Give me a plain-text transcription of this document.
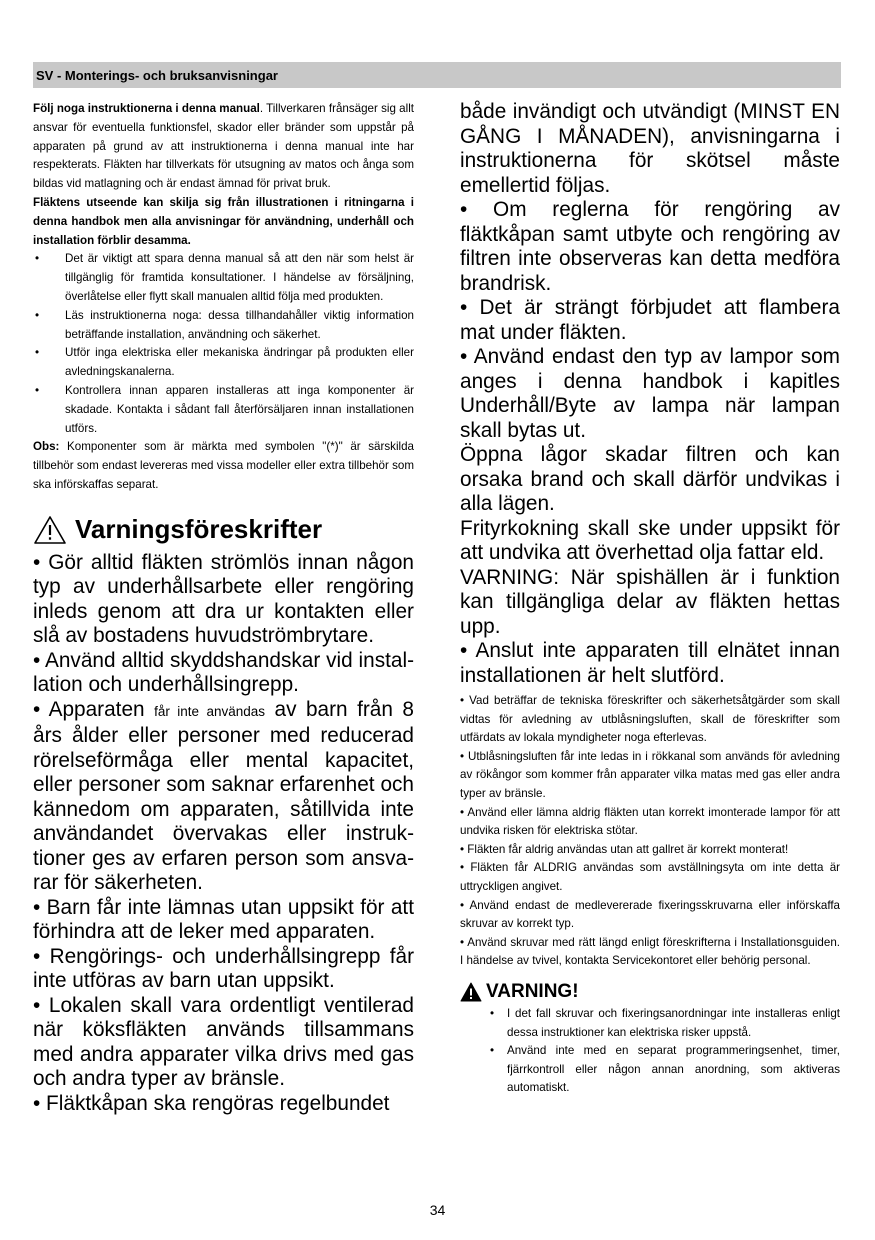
SV - Monterings- och bruksanvisningar

Följ noga instruktionerna i denna manual. Tillverkaren frånsäger sig allt ansvar för eventuella funktionsfel, skador eller bränder som uppstår på apparaten på grund av att instruktionerna i denna manual inte har respekterats. Fläkten har tillverkats för utsugning av matos och ånga som bildas vid matlagning och är endast ämnad för privat bruk.

Fläktens utseende kan skilja sig från illustrationen i ritningarna i denna handbok men alla anvisningar för användning, underhåll och installation förblir desamma.

• Det är viktigt att spara denna manual så att den när som helst är tillgänglig för framtida konsultationer. I händelse av försäljning, överlåtelse eller flytt skall manualen alltid följa med produkten.
• Läs instruktionerna noga: dessa tillhandahåller viktig information beträffande installation, användning och säkerhet.
• Utför inga elektriska eller mekaniska ändringar på produkten eller avledningskanalerna.
• Kontrollera innan apparen installeras att inga komponenter är skadade. Kontakta i sådant fall återförsäljaren innan installationen utförs.

Obs: Komponenter som är märkta med symbolen "(*)" är särskilda tillbehör som endast levereras med vissa modeller eller extra tillbehör som ska införskaffas separat.

Varningsföreskrifter

• Gör alltid fläkten strömlös innan någon typ av underhållsarbete eller rengöring inleds genom att dra ur kontakten eller slå av bostadens huvudströmbrytare.

• Använd alltid skyddshandskar vid instal-lation och underhållsingrepp.

• Apparaten får inte användas av barn från 8 års ålder eller personer med reducerad rörelseförmåga eller mental kapacitet, eller personer som saknar erfarenhet och kännedom om apparaten, såtillvida inte användandet övervakas eller instruk-tioner ges av erfaren person som ansva-rar för säkerheten.

• Barn får inte lämnas utan uppsikt för att förhindra att de leker med apparaten.

• Rengörings- och underhållsingrepp får inte utföras av barn utan uppsikt.

• Lokalen skall vara ordentligt ventilerad när köksfläkten används tillsammans med andra apparater vilka drivs med gas och andra typer av bränsle.

• Fläktkåpan ska rengöras regelbundet

både invändigt och utvändigt (MINST EN GÅNG I MÅNADEN), anvisningarna i instruktionerna för skötsel måste emellertid följas.

• Om reglerna för rengöring av fläktkåpan samt utbyte och rengöring av filtren inte observeras kan detta medföra brandrisk.

• Det är strängt förbjudet att flambera mat under fläkten.

• Använd endast den typ av lampor som anges i denna handbok i kapitles Underhåll/Byte av lampa när lampan skall bytas ut.

Öppna lågor skadar filtren och kan orsaka brand och skall därför undvikas i alla lägen.

Frityrkokning skall ske under uppsikt för att undvika att överhettad olja fattar eld.

VARNING: När spishällen är i funktion kan tillgängliga delar av fläkten hettas upp.

• Anslut inte apparaten till elnätet innan installationen är helt slutförd.

• Vad beträffar de tekniska föreskrifter och säkerhetsåtgärder som skall vidtas för avledning av utblåsningsluften, skall de föreskrifter som utfärdats av lokala myndigheter noga efterlevas.

• Utblåsningsluften får inte ledas in i rökkanal som används för avledning av rökångor som kommer från apparater vilka matas med gas eller andra typer av bränsle.

• Använd eller lämna aldrig fläkten utan korrekt imonterade lampor för att undvika risken för elektriska stötar.

• Fläkten får aldrig användas utan att gallret är korrekt monterat!

• Fläkten får ALDRIG användas som avställningsyta om inte detta är uttryckligen angivet.

• Använd endast de medlevererade fixeringsskruvarna eller införskaffa skruvar av korrekt typ.

• Använd skruvar med rätt längd enligt föreskrifterna i Installationsguiden. I händelse av tvivel, kontakta Servicekontoret eller behörig personal.

VARNING!
• I det fall skruvar och fixeringsanordningar inte installeras enligt dessa instruktioner kan elektriska risker uppstå.
• Använd inte med en separat programmeringsenhet, timer, fjärrkontroll eller någon annan anordning, som aktiveras automatiskt.
34
